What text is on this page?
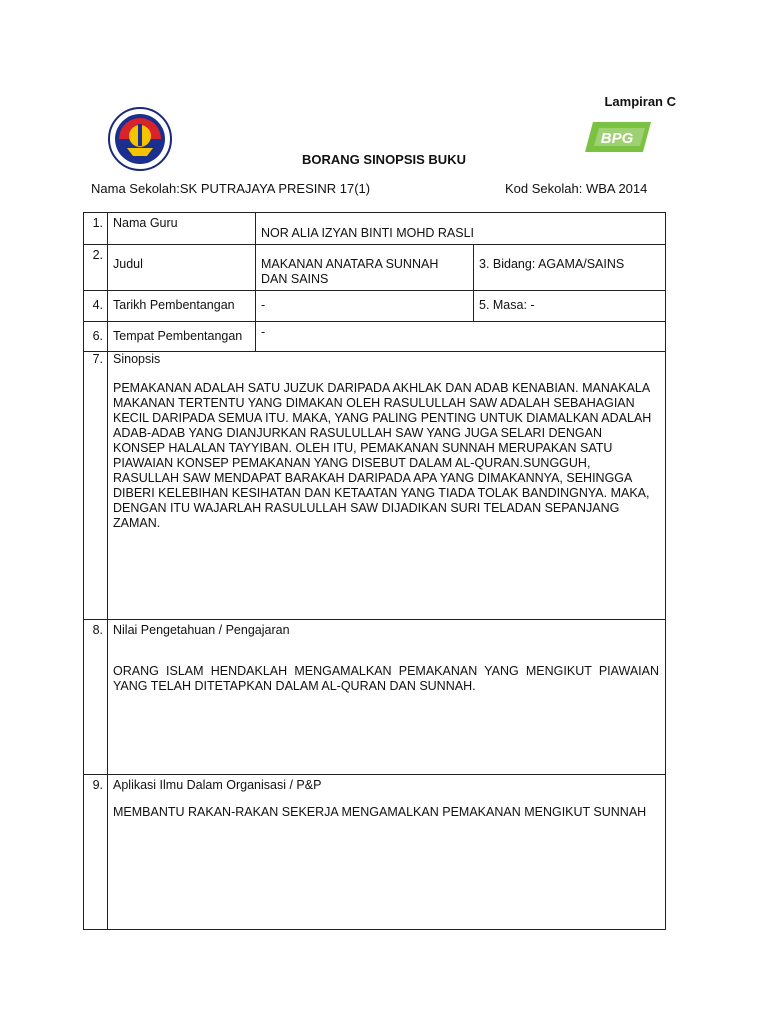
Lampiran C
BPG
BORANG SINOPSIS BUKU
Nama Sekolah:SK PUTRAJAYA PRESINR 17(1)	Kod Sekolah: WBA 2014
1.	Nama Guru	NOR ALIA IZYAN BINTI MOHD RASLI	
2.	Judul	MAKANAN ANATARA SUNNAH DAN SAINS	3. Bidang: AGAMA/SAINS
4.	Tarikh Pembentangan	-	5. Masa: -
6.	Tempat Pembentangan	-	
7.	Sinopsis
PEMAKANAN ADALAH SATU JUZUK DARIPADA AKHLAK DAN ADAB KENABIAN. MANAKALA MAKANAN TERTENTU YANG DIMAKAN OLEH RASULULLAH SAW ADALAH SEBAHAGIAN KECIL DARIPADA SEMUA ITU. MAKA, YANG PALING PENTING UNTUK DIAMALKAN ADALAH ADAB-ADAB YANG DIANJURKAN RASULULLAH SAW YANG JUGA SELARI DENGAN KONSEP HALALAN TAYYIBAN. OLEH ITU, PEMAKANAN SUNNAH MERUPAKAN SATU PIAWAIAN KONSEP PEMAKANAN YANG DISEBUT DALAM AL-QURAN.SUNGGUH, RASULLAH SAW MENDAPAT BARAKAH DARIPADA APA YANG DIMAKANNYA, SEHINGGA DIBERI KELEBIHAN KESIHATAN DAN KETAATAN YANG TIADA TOLAK BANDINGNYA. MAKA, DENGAN ITU WAJARLAH RASULULLAH SAW DIJADIKAN SURI TELADAN SEPANJANG ZAMAN.		

8.	Nilai Pengetahuan / Pengajaran
ORANG ISLAM HENDAKLAH MENGAMALKAN PEMAKANAN YANG MENGIKUT PIAWAIAN YANG TELAH DITETAPKAN DALAM AL-QURAN DAN SUNNAH.		

9.	Aplikasi Ilmu Dalam Organisasi / P&P
MEMBANTU RAKAN-RAKAN SEKERJA MENGAMALKAN PEMAKANAN MENGIKUT SUNNAH		
